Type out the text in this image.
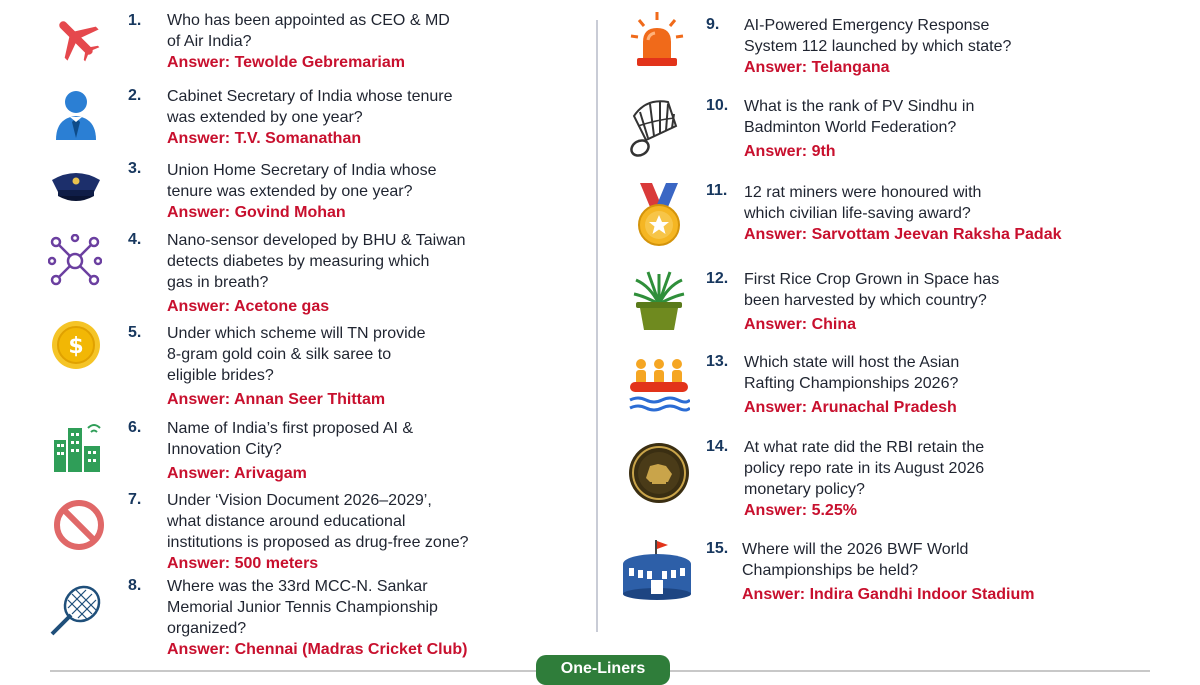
1. Who has been appointed as CEO & MD
of Air India?
Answer: Tewolde Gebremariam
2. Cabinet Secretary of India whose tenure
was extended by one year?
Answer: T.V. Somanathan
3. Union Home Secretary of India whose
tenure was extended by one year?
Answer: Govind Mohan
4. Nano-sensor developed by BHU & Taiwan
detects diabetes by measuring which
gas in breath?
Answer: Acetone gas
$
5. Under which scheme will TN provide
8-gram gold coin & silk saree to
eligible brides?
Answer: Annan Seer Thittam
6. Name of India’s first proposed AI &
Innovation City?
Answer: Arivagam
7. Under ‘Vision Document 2026–2029’,
what distance around educational
institutions is proposed as drug-free zone?
Answer: 500 meters
8. Where was the 33rd MCC-N. Sankar
Memorial Junior Tennis Championship
organized?
Answer: Chennai (Madras Cricket Club)
9. AI-Powered Emergency Response
System 112 launched by which state?
Answer: Telangana
10. What is the rank of PV Sindhu in
Badminton World Federation?
Answer: 9th
11. 12 rat miners were honoured with
which civilian life-saving award?
Answer: Sarvottam Jeevan Raksha Padak
12. First Rice Crop Grown in Space has
been harvested by which country?
Answer: China
13. Which state will host the Asian
Rafting Championships 2026?
Answer: Arunachal Pradesh
14. At what rate did the RBI retain the
policy repo rate in its August 2026
monetary policy?
Answer: 5.25%
15. Where will the 2026 BWF World
Championships be held?
Answer: Indira Gandhi Indoor Stadium
One-Liners
